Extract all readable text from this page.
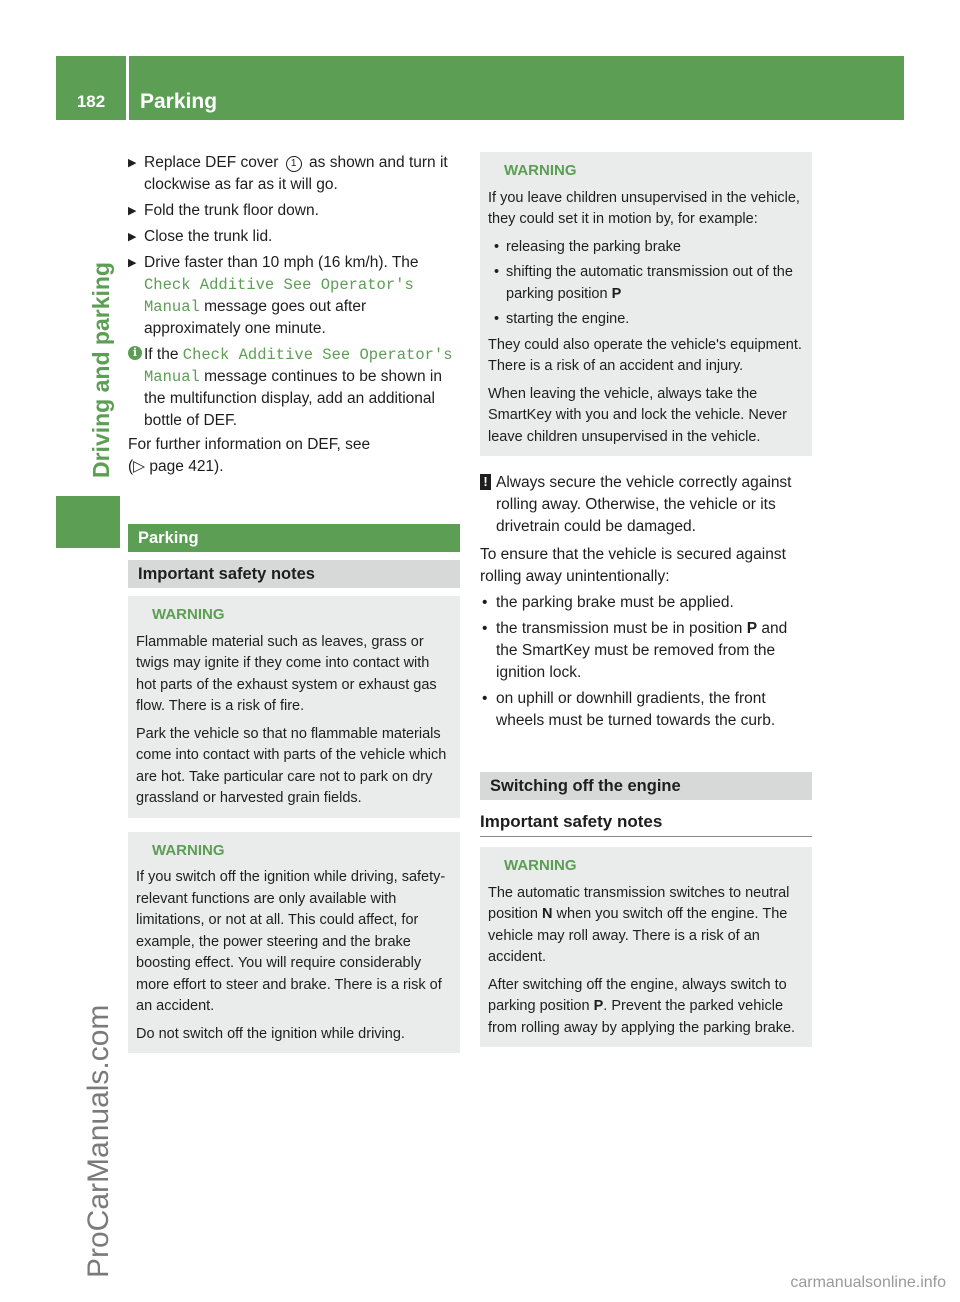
182	Parking
Driving and parking
ProCarManuals.com
carmanualsonline.info
▶ Replace DEF cover 1 as shown and turn it clockwise as far as it will go.
▶ Fold the trunk floor down.
▶ Close the trunk lid.
▶ Drive faster than 10 mph (16 km/h). The Check Additive See Operator's Manual message goes out after approximately one minute.
i If the Check Additive See Operator's Manual message continues to be shown in the multifunction display, add an additional bottle of DEF.
For further information on DEF, see
(▷ page 421).
Parking
Important safety notes
WARNING
Flammable material such as leaves, grass or twigs may ignite if they come into contact with hot parts of the exhaust system or exhaust gas flow. There is a risk of fire.
Park the vehicle so that no flammable materials come into contact with parts of the vehicle which are hot. Take particular care not to park on dry grassland or harvested grain fields.
WARNING
If you switch off the ignition while driving, safety-relevant functions are only available with limitations, or not at all. This could affect, for example, the power steering and the brake boosting effect. You will require considerably more effort to steer and brake. There is a risk of an accident.
Do not switch off the ignition while driving.
WARNING
If you leave children unsupervised in the vehicle, they could set it in motion by, for example:
• releasing the parking brake
• shifting the automatic transmission out of the parking position P
• starting the engine.
They could also operate the vehicle's equipment. There is a risk of an accident and injury.
When leaving the vehicle, always take the SmartKey with you and lock the vehicle. Never leave children unsupervised in the vehicle.
! Always secure the vehicle correctly against rolling away. Otherwise, the vehicle or its drivetrain could be damaged.
To ensure that the vehicle is secured against rolling away unintentionally:
• the parking brake must be applied.
• the transmission must be in position P and the SmartKey must be removed from the ignition lock.
• on uphill or downhill gradients, the front wheels must be turned towards the curb.
Switching off the engine
Important safety notes
WARNING
The automatic transmission switches to neutral position N when you switch off the engine. The vehicle may roll away. There is a risk of an accident.
After switching off the engine, always switch to parking position P. Prevent the parked vehicle from rolling away by applying the parking brake.
